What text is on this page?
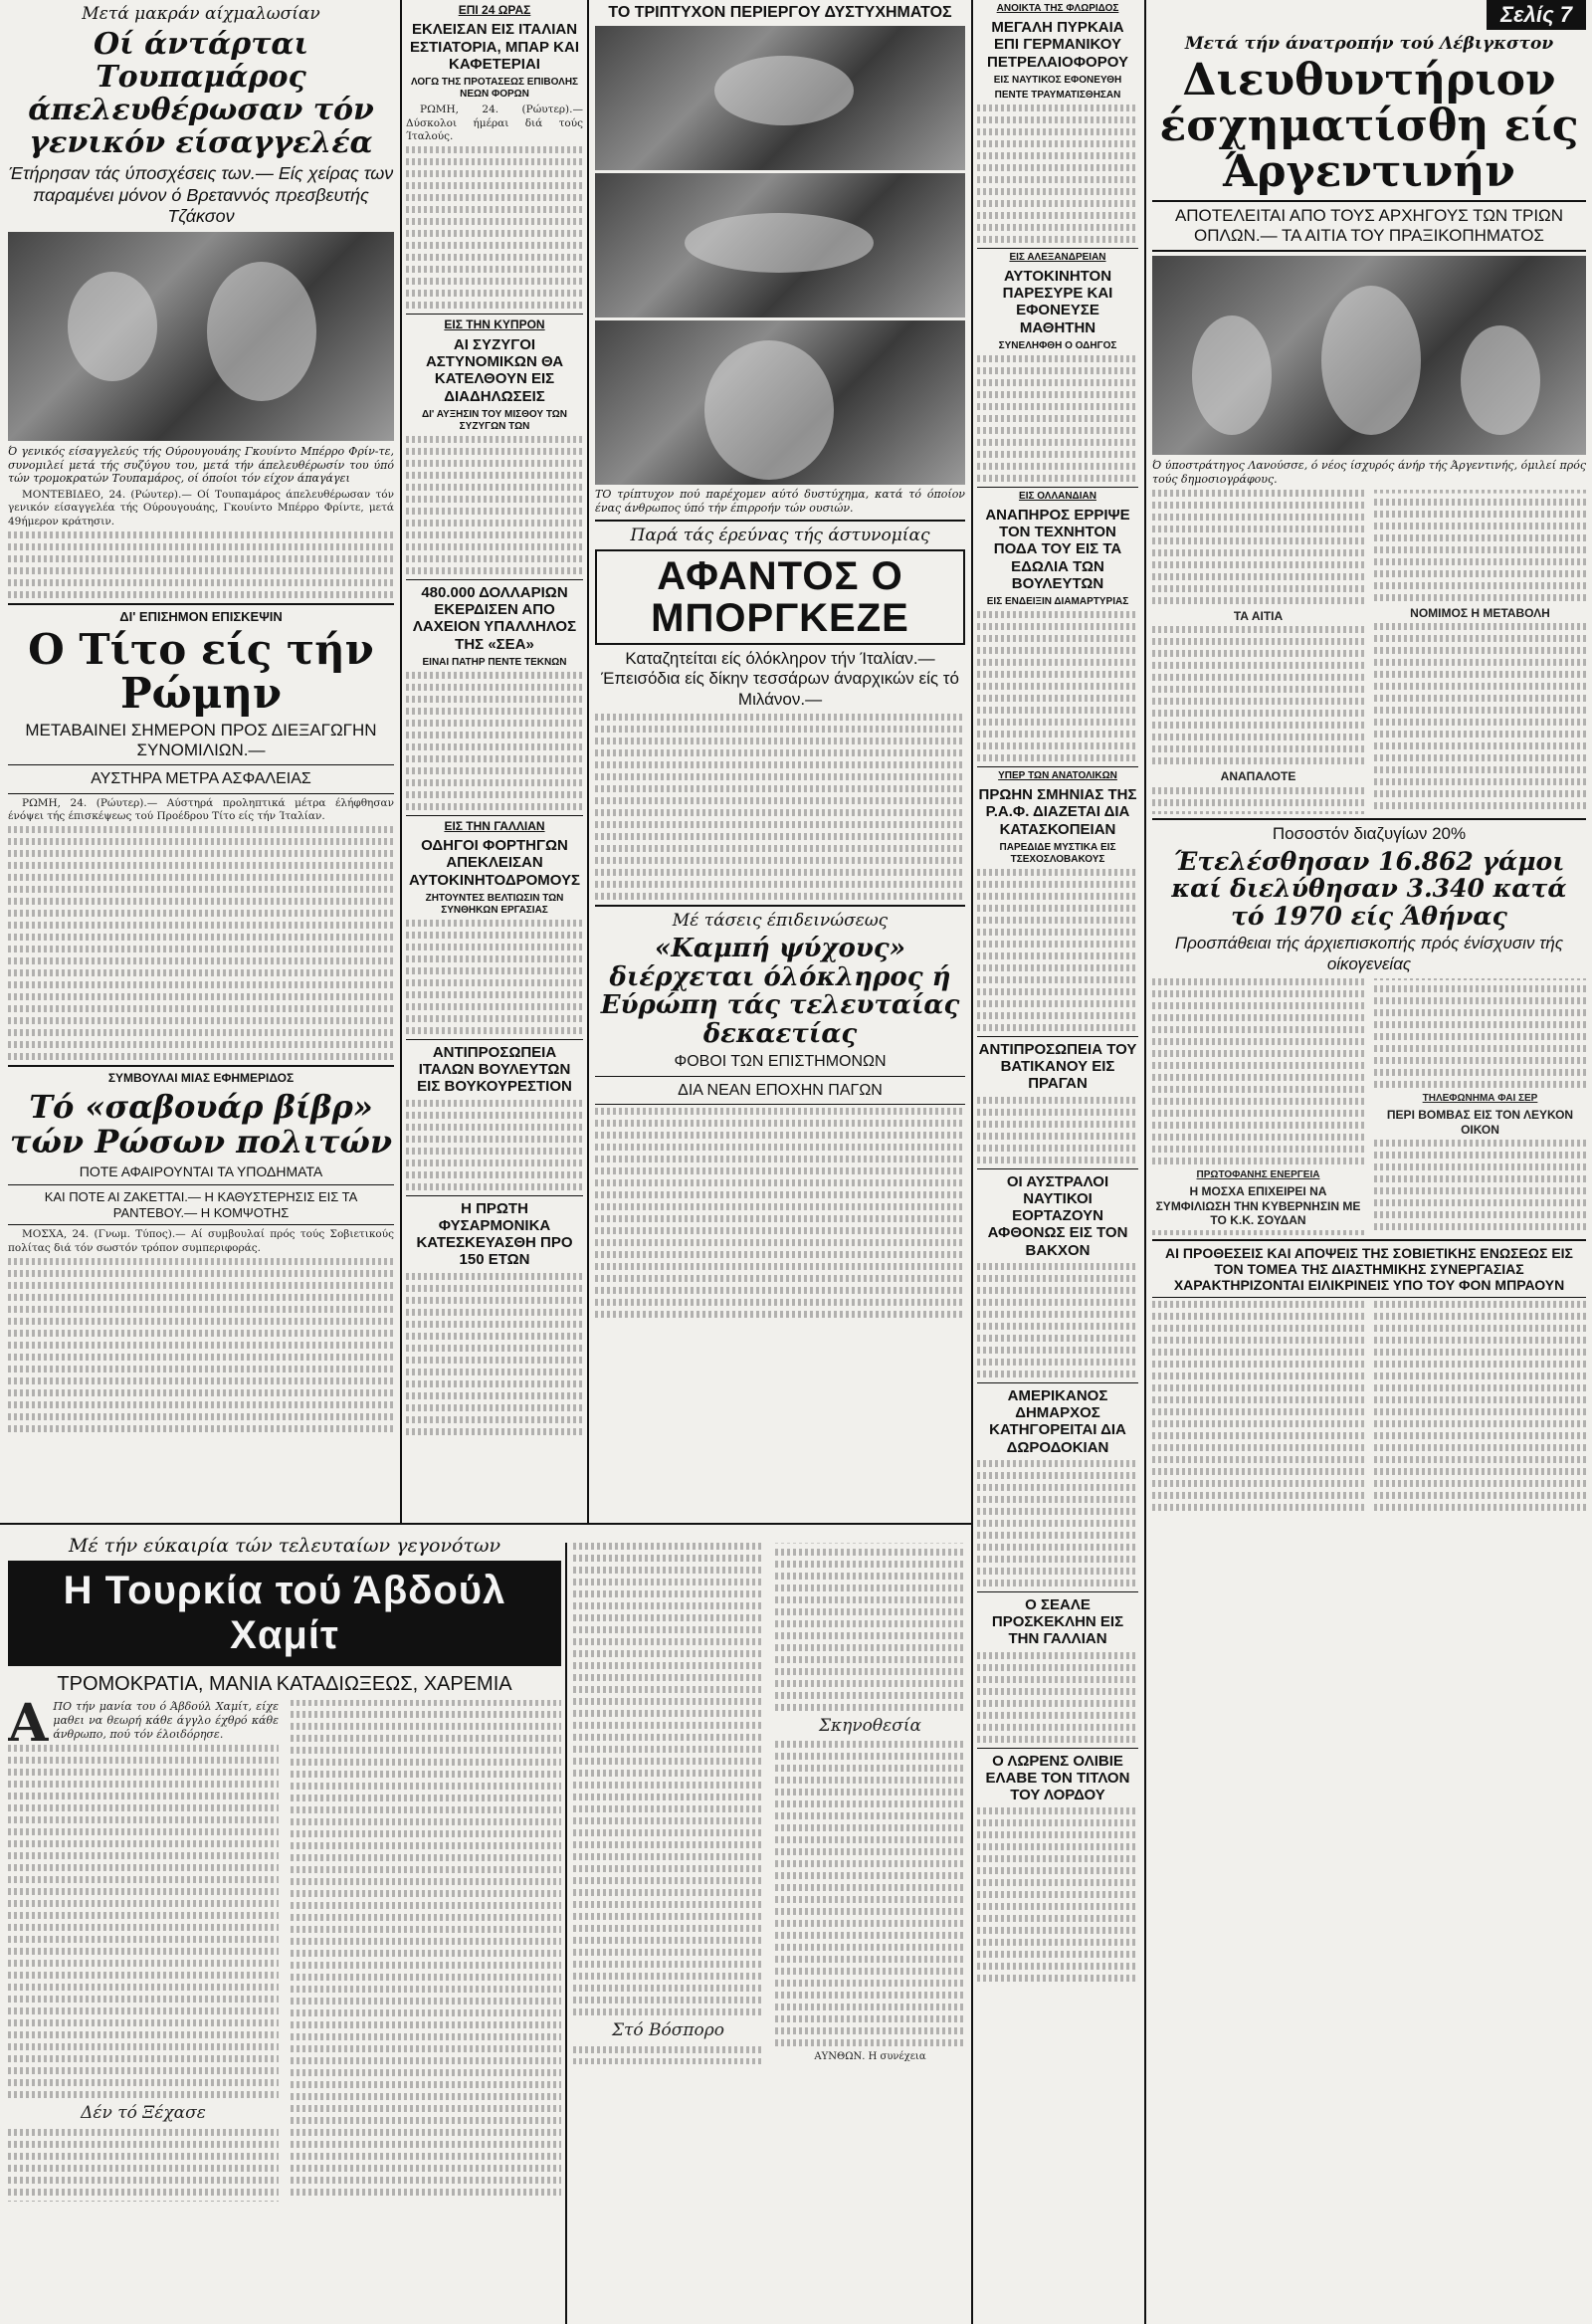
Μετά μακράν αίχμαλωσίαν
Οί άντάρται Τουπαμάρος άπελευθέρωσαν τόν γενικόν είσαγγελέα
Έτήρησαν τάς ύποσχέσεις των.— Είς χείρας των παραμένει μόνον ό Βρεταννός πρεσβευτής Τζάκσον
Ό γενικός είσαγγελεύς τής Ούρουγουάης Γκουίντο Μπέρρο Φρίν-τε, συνομιλεί μετά τής συζύγου του, μετά τήν άπελευθέρωσίν του ύπό τών τρομοκρατών Τουπαμάρος, οί όποίοι τόν είχον άπαγάγει

ΜΟΝΤΕΒΙΔΕΟ, 24. (Ρώυτερ).— Οί Τουπαμάρος άπελευθέρωσαν τόν γενικόν είσαγγελέα τής Ούρουγουάης, Γκουίντο Μπέρρο Φρίντε, μετά 49ήμερον κράτησιν.

ΔΙ' ΕΠΙΣΗΜΟΝ ΕΠΙΣΚΕΨΙΝ
Ο Τίτο είς τήν Ρώμην
ΜΕΤΑΒΑΙΝΕΙ ΣΗΜΕΡΟΝ ΠΡΟΣ ΔΙΕΞΑΓΩΓΗΝ ΣΥΝΟΜΙΛΙΩΝ.—
ΑΥΣΤΗΡΑ ΜΕΤΡΑ ΑΣΦΑΛΕΙΑΣ

ΡΩΜΗ, 24. (Ρώυτερ).— Αύστηρά προληπτικά μέτρα έλήφθησαν ένόψει τής έπισκέψεως τού Προέδρου Τίτο είς τήν Ίταλίαν.

ΣΥΜΒΟΥΛΑΙ ΜΙΑΣ ΕΦΗΜΕΡΙΔΟΣ
Τό «σαβουάρ βίβρ» τών Ρώσων πολιτών
ΠΟΤΕ ΑΦΑΙΡΟΥΝΤΑΙ ΤΑ ΥΠΟΔΗΜΑΤΑ
ΚΑΙ ΠΟΤΕ ΑΙ ΖΑΚΕΤΤΑΙ.— Η ΚΑΘΥΣΤΕΡΗΣΙΣ ΕΙΣ ΤΑ ΡΑΝΤΕΒΟΥ.— Η ΚΟΜΨΟΤΗΣ

ΜΟΣΧΑ, 24. (Γνωμ. Τύπος).— Αί συμβουλαί πρός τούς Σοβιετικούς πολίτας διά τόν σωστόν τρόπον συμπεριφοράς.

ΕΠΙ 24 ΩΡΑΣ
ΕΚΛΕΙΣΑΝ ΕΙΣ ΙΤΑΛΙΑΝ ΕΣΤΙΑΤΟΡΙΑ, ΜΠΑΡ ΚΑΙ ΚΑΦΕΤΕΡΙΑΙ
ΛΟΓΩ ΤΗΣ ΠΡΟΤΑΣΕΩΣ ΕΠΙΒΟΛΗΣ ΝΕΩΝ ΦΟΡΩΝ

ΡΩΜΗ, 24. (Ρώυτερ).— Δύσκολοι ήμέραι διά τούς Ίταλούς.

ΕΙΣ ΤΗΝ ΚΥΠΡΟΝ
ΑΙ ΣΥΖΥΓΟΙ ΑΣΤΥΝΟΜΙΚΩΝ ΘΑ ΚΑΤΕΛΘΟΥΝ ΕΙΣ ΔΙΑΔΗΛΩΣΕΙΣ
ΔΙ' ΑΥΞΗΣΙΝ ΤΟΥ ΜΙΣΘΟΥ ΤΩΝ ΣΥΖΥΓΩΝ ΤΩΝ
480.000 ΔΟΛΛΑΡΙΩΝ ΕΚΕΡΔΙΣΕΝ ΑΠΟ ΛΑΧΕΙΟΝ ΥΠΑΛΛΗΛΟΣ ΤΗΣ «ΣΕΑ»
ΕΙΝΑΙ ΠΑΤΗΡ ΠΕΝΤΕ ΤΕΚΝΩΝ
ΕΙΣ ΤΗΝ ΓΑΛΛΙΑΝ
ΟΔΗΓΟΙ ΦΟΡΤΗΓΩΝ ΑΠΕΚΛΕΙΣΑΝ ΑΥΤΟΚΙΝΗΤΟΔΡΟΜΟΥΣ
ΖΗΤΟΥΝΤΕΣ ΒΕΛΤΙΩΣΙΝ ΤΩΝ ΣΥΝΘΗΚΩΝ ΕΡΓΑΣΙΑΣ
ΑΝΤΙΠΡΟΣΩΠΕΙΑ ΙΤΑΛΩΝ ΒΟΥΛΕΥΤΩΝ ΕΙΣ ΒΟΥΚΟΥΡΕΣΤΙΟΝ
Η ΠΡΩΤΗ ΦΥΣΑΡΜΟΝΙΚΑ ΚΑΤΕΣΚΕΥΑΣΘΗ ΠΡΟ 150 ΕΤΩΝ
ΤΟ ΤΡΙΠΤΥΧΟΝ ΠΕΡΙΕΡΓΟΥ ΔΥΣΤΥΧΗΜΑΤΟΣ
ΤΟ τρίπτυχον πού παρέχομεν αύτό δυστύχημα, κατά τό όποίον ένας άνθρωπος ύπό τήν έπιρροήν τών ουσιών.
Παρά τάς έρεύνας τής άστυνομίας
ΑΦΑΝΤΟΣ Ο ΜΠΟΡΓΚΕΖΕ
Καταζητείται είς όλόκληρον τήν Ίταλίαν.— Έπεισόδια είς δίκην τεσσάρων άναρχικών είς τό Μιλάνον.—
Μέ τάσεις έπιδεινώσεως
«Καμπή ψύχους» διέρχεται όλόκληρος ή Εύρώπη τάς τελευταίας δεκαετίας
ΦΟΒΟΙ ΤΩΝ ΕΠΙΣΤΗΜΟΝΩΝ
ΔΙΑ ΝΕΑΝ ΕΠΟΧΗΝ ΠΑΓΩΝ
ΑΝΟΙΚΤΑ ΤΗΣ ΦΛΩΡΙΔΟΣ
ΜΕΓΑΛΗ ΠΥΡΚΑΙΑ ΕΠΙ ΓΕΡΜΑΝΙΚΟΥ ΠΕΤΡΕΛΑΙΟΦΟΡΟΥ
ΕΙΣ ΝΑΥΤΙΚΟΣ ΕΦΟΝΕΥΘΗ
ΠΕΝΤΕ ΤΡΑΥΜΑΤΙΣΘΗΣΑΝ
ΕΙΣ ΑΛΕΞΑΝΔΡΕΙΑΝ
ΑΥΤΟΚΙΝΗΤΟΝ ΠΑΡΕΣΥΡΕ ΚΑΙ ΕΦΟΝΕΥΣΕ ΜΑΘΗΤΗΝ
ΣΥΝΕΛΗΦΘΗ Ο ΟΔΗΓΟΣ
ΕΙΣ ΟΛΛΑΝΔΙΑΝ
ΑΝΑΠΗΡΟΣ ΕΡΡΙΨΕ ΤΟΝ ΤΕΧΝΗΤΟΝ ΠΟΔΑ ΤΟΥ ΕΙΣ ΤΑ ΕΔΩΛΙΑ ΤΩΝ ΒΟΥΛΕΥΤΩΝ
ΕΙΣ ΕΝΔΕΙΞΙΝ ΔΙΑΜΑΡΤΥΡΙΑΣ
ΥΠΕΡ ΤΩΝ ΑΝΑΤΟΛΙΚΩΝ
ΠΡΩΗΝ ΣΜΗΝΙΑΣ ΤΗΣ Ρ.Α.Φ. ΔΙΑΖΕΤΑΙ ΔΙΑ ΚΑΤΑΣΚΟΠΕΙΑΝ
ΠΑΡΕΔΙΔΕ ΜΥΣΤΙΚΑ ΕΙΣ ΤΣΕΧΟΣΛΟΒΑΚΟΥΣ
ΑΝΤΙΠΡΟΣΩΠΕΙΑ ΤΟΥ ΒΑΤΙΚΑΝΟΥ ΕΙΣ ΠΡΑΓΑΝ
ΟΙ ΑΥΣΤΡΑΛΟΙ ΝΑΥΤΙΚΟΙ ΕΟΡΤΑΖΟΥΝ ΑΦΘΟΝΩΣ ΕΙΣ ΤΟΝ ΒΑΚΧΟΝ
ΑΜΕΡΙΚΑΝΟΣ ΔΗΜΑΡΧΟΣ ΚΑΤΗΓΟΡΕΙΤΑΙ ΔΙΑ ΔΩΡΟΔΟΚΙΑΝ
Ο ΣΕΑΛΕ ΠΡΟΣΚΕΚΛΗΝ ΕΙΣ ΤΗΝ ΓΑΛΛΙΑΝ
Ο ΛΩΡΕΝΣ ΟΛΙΒΙΕ ΕΛΑΒΕ ΤΟΝ ΤΙΤΛΟΝ ΤΟΥ ΛΟΡΔΟΥ
Σελίς 7
Μετά τήν άνατροπήν τού Λέβιγκστον
Διευθυντήριον έσχηματίσθη είς Άργεντινήν
ΑΠΟΤΕΛΕΙΤΑΙ ΑΠΟ ΤΟΥΣ ΑΡΧΗΓΟΥΣ ΤΩΝ ΤΡΙΩΝ ΟΠΛΩΝ.— ΤΑ ΑΙΤΙΑ ΤΟΥ ΠΡΑΞΙΚΟΠΗΜΑΤΟΣ
Ό ύποστράτηγος Λανούσσε, ό νέος ίσχυρός άνήρ τής Άργεντινής, όμιλεί πρός τούς δημοσιογράφους.
ΤΑ ΑΙΤΙΑ
ΑΝΑΠΑΛΟΤΕ
ΝΟΜΙΜΟΣ Η ΜΕΤΑΒΟΛΗ
Ποσοστόν διαζυγίων 20%
Έτελέσθησαν 16.862 γάμοι καί διελύθησαν 3.340 κατά τό 1970 είς Άθήνας
Προσπάθειαι τής άρχιεπισκοπής πρός ένίσχυσιν τής οίκογενείας
ΠΡΩΤΟΦΑΝΗΣ ΕΝΕΡΓΕΙΑ
Η ΜΟΣΧΑ ΕΠΙΧΕΙΡΕΙ ΝΑ ΣΥΜΦΙΛΙΩΣΗ ΤΗΝ ΚΥΒΕΡΝΗΣΙΝ ΜΕ ΤΟ Κ.Κ. ΣΟΥΔΑΝ
ΤΗΛΕΦΩΝΗΜΑ ΦΑΙ ΣΕΡ
ΠΕΡΙ ΒΟΜΒΑΣ ΕΙΣ ΤΟΝ ΛΕΥΚΟΝ ΟΙΚΟΝ
ΑΙ ΠΡΟΘΕΣΕΙΣ ΚΑΙ ΑΠΟΨΕΙΣ ΤΗΣ ΣΟΒΙΕΤΙΚΗΣ ΕΝΩΣΕΩΣ ΕΙΣ ΤΟΝ ΤΟΜΕΑ ΤΗΣ ΔΙΑΣΤΗΜΙΚΗΣ ΣΥΝΕΡΓΑΣΙΑΣ ΧΑΡΑΚΤΗΡΙΖΟΝΤΑΙ ΕΙΛΙΚΡΙΝΕΙΣ ΥΠΟ ΤΟΥ ΦΟΝ ΜΠΡΑΟΥΝ
Μέ τήν εύκαιρία τών τελευταίων γεγονότων
Η Τουρκία τού Άβδούλ Χαμίτ
ΤΡΟΜΟΚΡΑΤΙΑ, ΜΑΝΙΑ ΚΑΤΑΔΙΩΞΕΩΣ, ΧΑΡΕΜΙΑ

ΑΠΟ τήν μανία του ό Άβδούλ Χαμίτ, είχε μαθει να θεωρή κάθε άγγλο έχθρό κάθε άνθρωπο, πού τόν έλοιδόρησε.

Δέν τό Ξέχασε
Στό Βόσπορο
Σκηνοθεσία
ΑΥΝΘΩΝ. Η συνέχεια
